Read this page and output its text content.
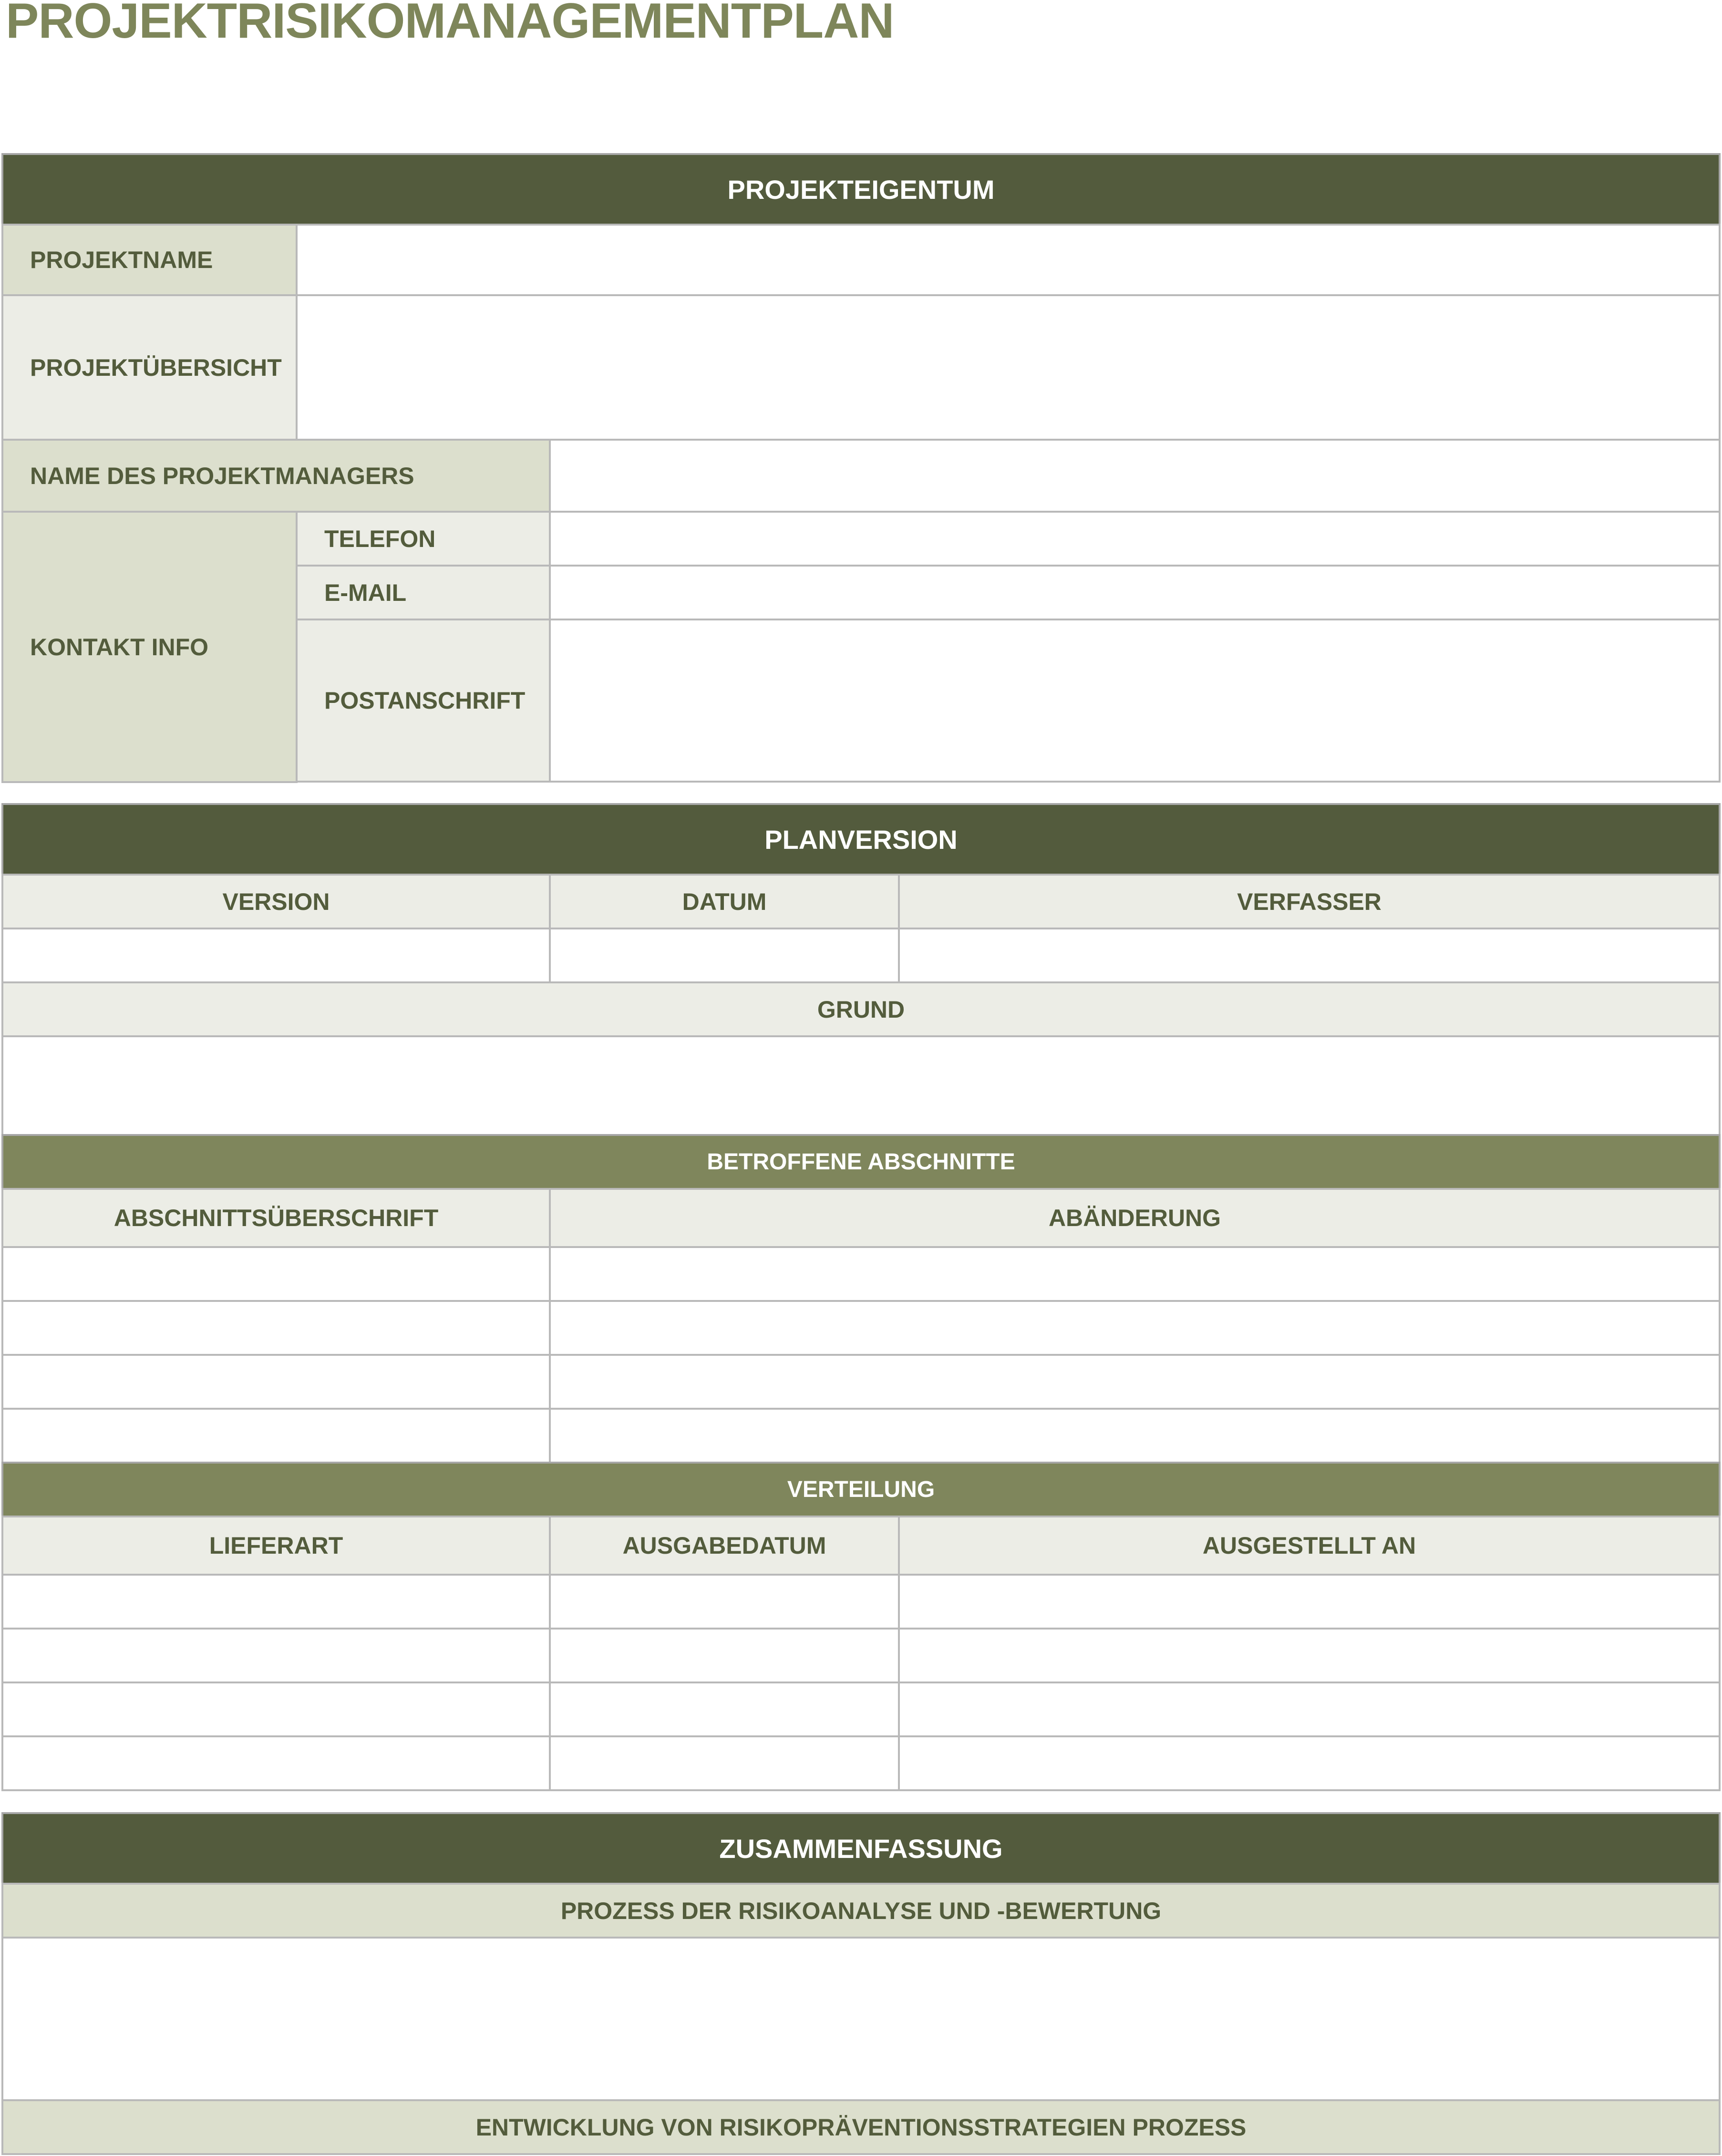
PROJEKTRISIKOMANAGEMENTPLAN
PROJEKTEIGENTUM
PROJEKTNAME
PROJEKTÜBERSICHT
NAME DES PROJEKTMANAGERS
KONTAKT INFO
TELEFON
E-MAIL
POSTANSCHRIFT
PLANVERSION
VERSION	DATUM	VERFASSER
GRUND
BETROFFENE ABSCHNITTE
ABSCHNITTSÜBERSCHRIFT	ABÄNDERUNG
VERTEILUNG
LIEFERART	AUSGABEDATUM	AUSGESTELLT AN
ZUSAMMENFASSUNG
PROZESS DER RISIKOANALYSE UND -BEWERTUNG
ENTWICKLUNG VON RISIKOPRÄVENTIONSSTRATEGIEN PROZESS
